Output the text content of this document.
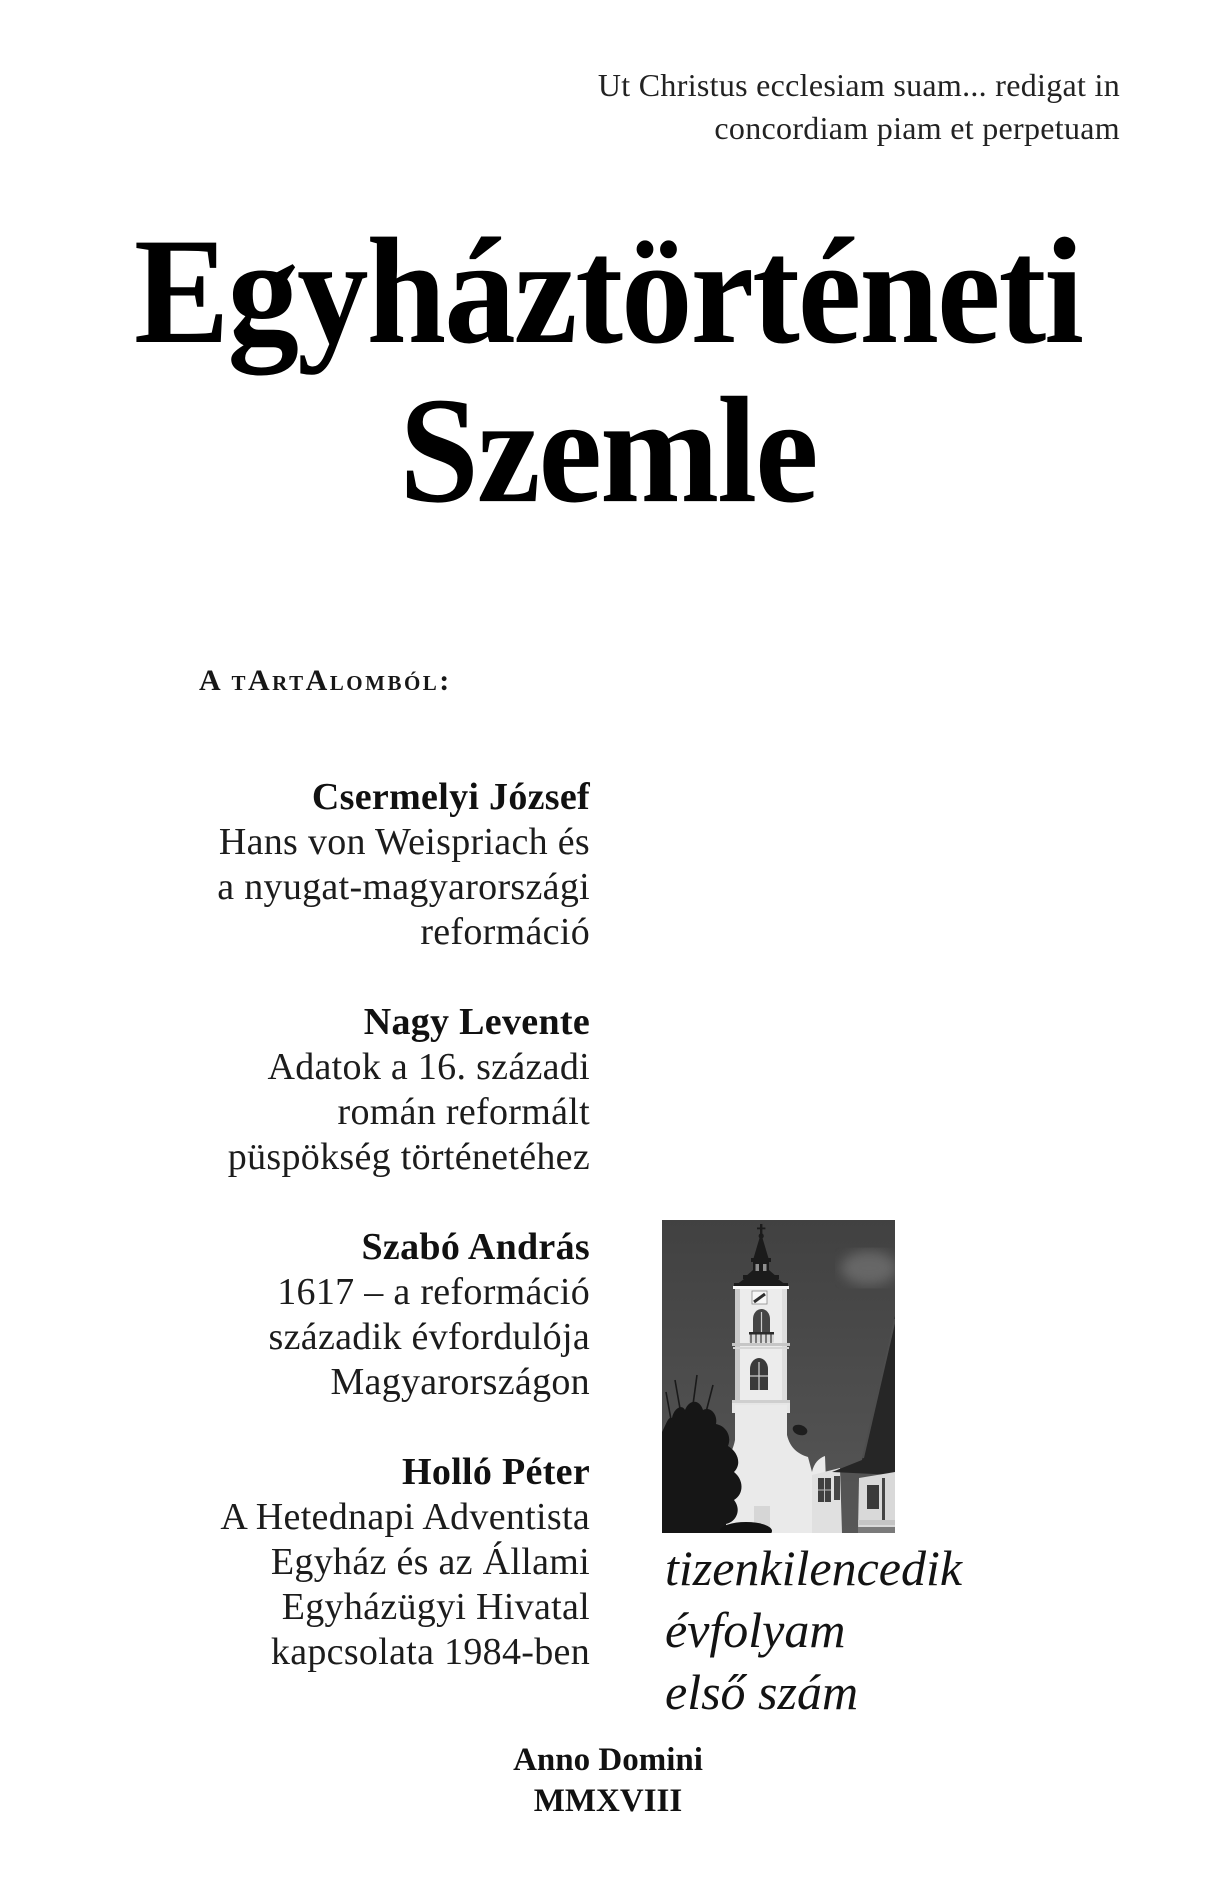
Ut Christus ecclesiam suam... redigat in
concordiam piam et perpetuam
Egyháztörténeti
Szemle
A tArtAlomból:
Csermelyi József
Hans von Weispriach és
a nyugat-magyarországi
reformáció
Nagy Levente
Adatok a 16. századi
román reformált
püspökség történetéhez
Szabó András
1617 – a reformáció
századik évfordulója
Magyarországon
Holló Péter
A Hetednapi Adventista
Egyház és az Állami
Egyházügyi Hivatal
kapcsolata 1984-ben
tizenkilencedik
évfolyam
első szám
Anno Domini
MMXVIII
